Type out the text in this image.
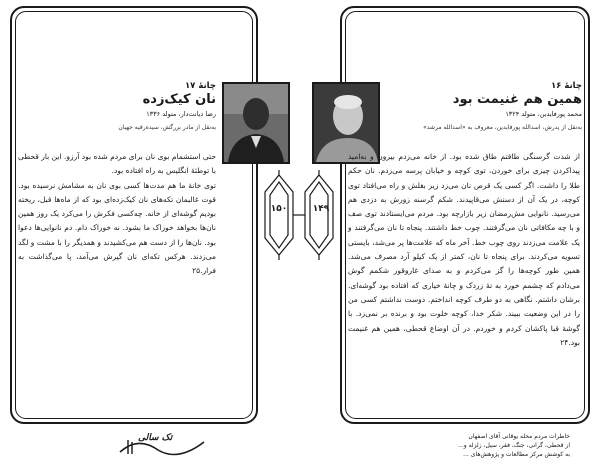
چانۀ ۱۷

نان کیک‌زده

رضا دیانت‌دار، متولد ۱۳۳۶

به‌نقل از مادر بزرگش، سیده‌رقیه جهیان

چانۀ ۱۶

همین هم غنیمت بود

محمد پورفایدین، متولد ۱۳۲۴

به‌نقل از پدرش، اسدالله پورفایدین، معروف به «اسدالله مرشد»

حتی استشمام بوی نان برای مردم شده بود آرزو. این بار قحطی با توطئۀ انگلیس به راه افتاده بود.

توی خانۀ ما هم مدت‌ها کسی بوی نان به مشامش نرسیده بود. قوت غالبمان تکه‌های نان کیک‌زده‌ای بود که از ماه‌ها قبل، ریخته بودیم گوشه‌ای از خانه. چه‌کسی فکرش را می‌کرد یک روز همین نان‌ها بخواهد خوراک ما بشود. نه خوراک دام. دم نانوایی‌ها دعوا بود. نان‌ها را از دست هم می‌کشیدند و همدیگر را با مشت و لگد می‌زدند. هرکس تکه‌ای نان گیرش می‌آمد، پا می‌گذاشت به فرار.۲۵

از شدت گرسنگی طاقتم طاق شده بود. از خانه می‌زدم بیرون و به‌امید پیداکردن چیزی برای خوردن، توی کوچه و خیابان پرسه می‌زدم. نان حکم طلا را داشت. اگر کسی یک قرص نان می‌زد زیر بغلش و راه می‌افتاد توی کوچه، در یک آن از دستش می‌قاپیدند. شکم گرسنه زورش به دزدی هم می‌رسید. نانوایی مش‌رمضان زیر بازارچه بود. مردم می‌ایستادند توی صف و با چه مکافاتی نان می‌گرفتند. چوب خط داشتند. پنجاه تا نان می‌گرفتند و یک علامت می‌زدند روی چوب خط. آخر ماه که علامت‌ها پر می‌شد، بایستی تسویه می‌کردند. برای پنجاه تا نان، کمتر از یک کیلو آرد مصرف می‌شد. همین طور کوچه‌ها را گز می‌کردم و به صدای غاروقور شکمم گوش می‌دادم که چشمم خورد به تۀ زردک و چانۀ خیاری که افتاده بود گوشه‌ای. برشان داشتم. نگاهی به دو طرف کوچه انداختم. دوست نداشتم کسی من را در این وضعیت ببیند. شکر خدا، کوچه خلوت بود و برنده بر نمی‌زد. با گوشۀ قبا پاکشان کردم و خوردم. در آن اوضاع قحطی، همین هم غنیمت بود.۲۴

۱۵۰	۱۴۹
تک سالی	خاطرات مردم محله یوقانی آقای اصفهان

از قحطی، گرانی، جنگ، فقر، سیل، زلزله و...

به کوشش مرکز مطالعات و پژوهش‌های ...
